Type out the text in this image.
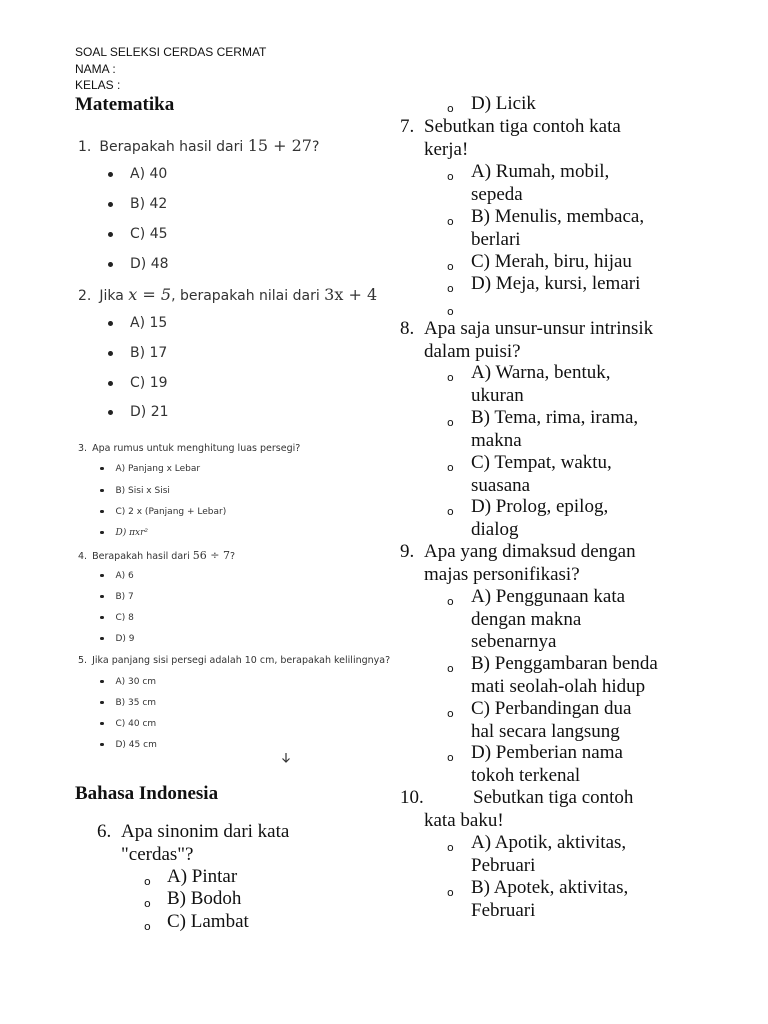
SOAL SELEKSI CERDAS CERMAT
NAMA :
KELAS :
Matematika
1. Berapakah hasil dari 15 + 27?
A) 40
B) 42
C) 45
D) 48
2. Jika x = 5, berapakah nilai dari 3x + 4
A) 15
B) 17
C) 19
D) 21
3. Apa rumus untuk menghitung luas persegi?
A) Panjang x Lebar
B) Sisi x Sisi
C) 2 x (Panjang + Lebar)
D) πxr²
4. Berapakah hasil dari 56 ÷ 7?
A) 6
B) 7
C) 8
D) 9
5. Jika panjang sisi persegi adalah 10 cm, berapakah kelilingnya?
A) 30 cm
B) 35 cm
C) 40 cm
D) 45 cm
Bahasa Indonesia
6. Apa sinonim dari kata
"cerdas"?
o A) Pintar
o B) Bodoh
o C) Lambat
o D) Licik
7. Sebutkan tiga contoh kata
kerja!
o A) Rumah, mobil,
sepeda
o B) Menulis, membaca,
berlari
o C) Merah, biru, hijau
o D) Meja, kursi, lemari
o
8. Apa saja unsur-unsur intrinsik
dalam puisi?
o A) Warna, bentuk,
ukuran
o B) Tema, rima, irama,
makna
o C) Tempat, waktu,
suasana
o D) Prolog, epilog,
dialog
9. Apa yang dimaksud dengan
majas personifikasi?
o A) Penggunaan kata
dengan makna
sebenarnya
o B) Penggambaran benda
mati seolah-olah hidup
o C) Perbandingan dua
hal secara langsung
o D) Pemberian nama
tokoh terkenal
10.	Sebutkan tiga contoh
kata baku!
o A) Apotik, aktivitas,
Pebruari
o B) Apotek, aktivitas,
Februari
